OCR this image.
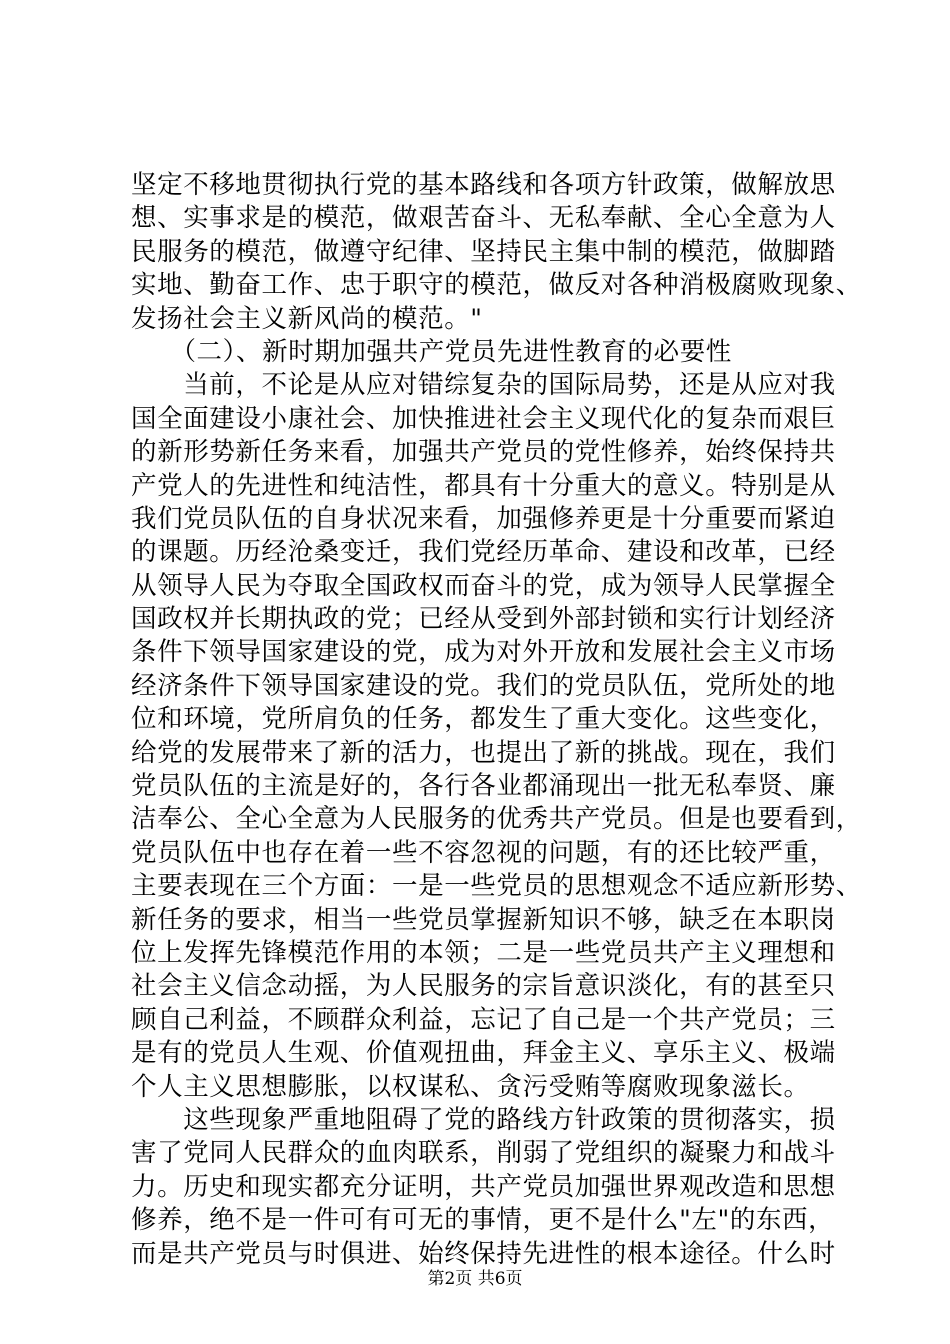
坚定不移地贯彻执行党的基本路线和各项方针政策，做解放思
想、实事求是的模范，做艰苦奋斗、无私奉献、全心全意为人
民服务的模范，做遵守纪律、坚持民主集中制的模范，做脚踏
实地、勤奋工作、忠于职守的模范，做反对各种消极腐败现象、
发扬社会主义新风尚的模范。"
　　（二）、新时期加强共产党员先进性教育的必要性
　　当前，不论是从应对错综复杂的国际局势，还是从应对我
国全面建设小康社会、加快推进社会主义现代化的复杂而艰巨
的新形势新任务来看，加强共产党员的党性修养，始终保持共
产党人的先进性和纯洁性，都具有十分重大的意义。特别是从
我们党员队伍的自身状况来看，加强修养更是十分重要而紧迫
的课题。历经沧桑变迁，我们党经历革命、建设和改革，已经
从领导人民为夺取全国政权而奋斗的党，成为领导人民掌握全
国政权并长期执政的党；已经从受到外部封锁和实行计划经济
条件下领导国家建设的党，成为对外开放和发展社会主义市场
经济条件下领导国家建设的党。我们的党员队伍，党所处的地
位和环境，党所肩负的任务，都发生了重大变化。这些变化，
给党的发展带来了新的活力，也提出了新的挑战。现在，我们
党员队伍的主流是好的，各行各业都涌现出一批无私奉贤、廉
洁奉公、全心全意为人民服务的优秀共产党员。但是也要看到，
党员队伍中也存在着一些不容忽视的问题，有的还比较严重，
主要表现在三个方面：一是一些党员的思想观念不适应新形势、
新任务的要求，相当一些党员掌握新知识不够，缺乏在本职岗
位上发挥先锋模范作用的本领；二是一些党员共产主义理想和
社会主义信念动摇，为人民服务的宗旨意识淡化，有的甚至只
顾自己利益，不顾群众利益，忘记了自己是一个共产党员；三
是有的党员人生观、价值观扭曲，拜金主义、享乐主义、极端
个人主义思想膨胀，以权谋私、贪污受贿等腐败现象滋长。
　　这些现象严重地阻碍了党的路线方针政策的贯彻落实，损
害了党同人民群众的血肉联系，削弱了党组织的凝聚力和战斗
力。历史和现实都充分证明，共产党员加强世界观改造和思想
修养，绝不是一件可有可无的事情，更不是什么"左"的东西，
而是共产党员与时俱进、始终保持先进性的根本途径。什么时
第2页 共6页
